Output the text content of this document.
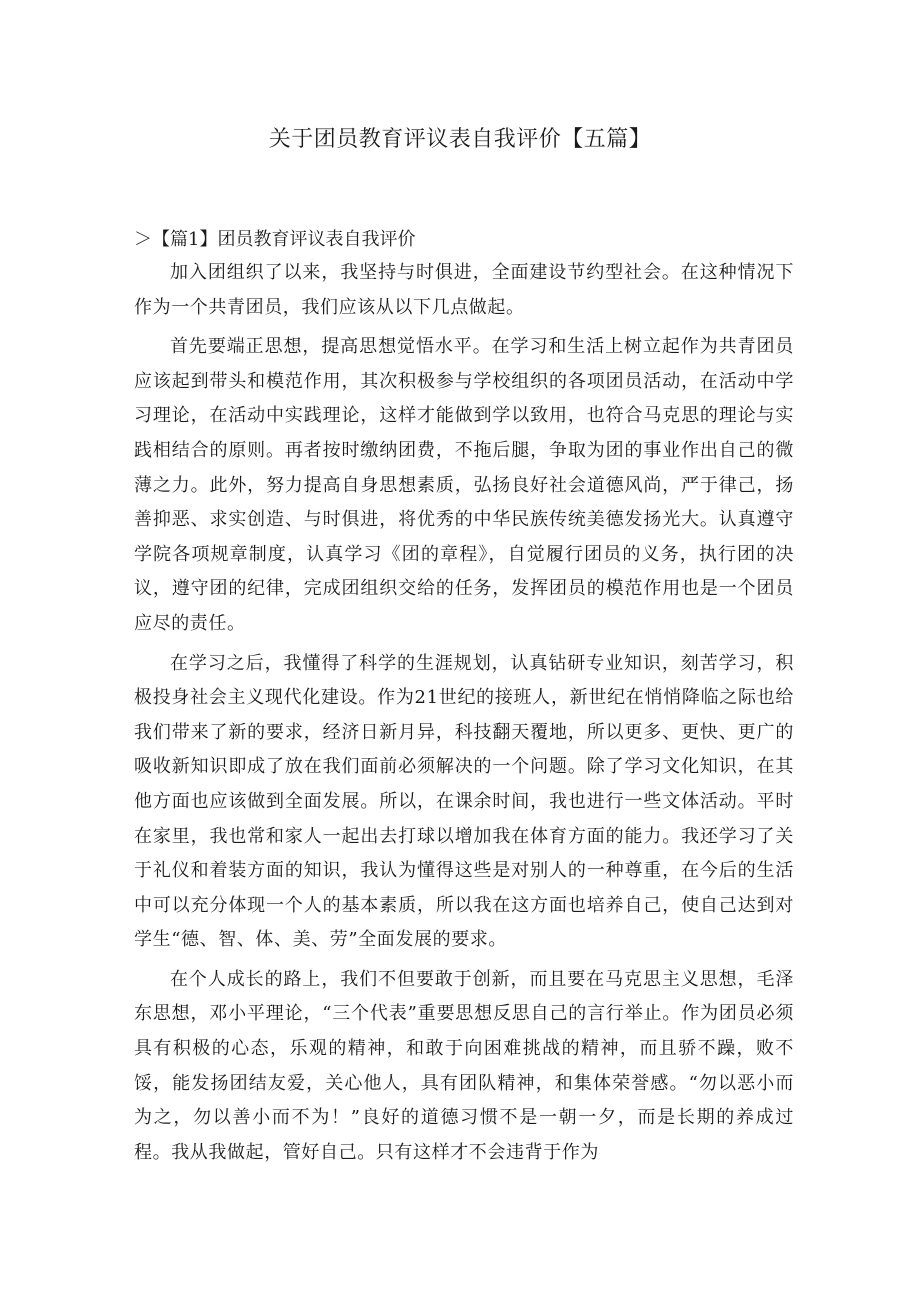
关于团员教育评议表自我评价【五篇】
＞【篇1】团员教育评议表自我评价

加入团组织了以来，我坚持与时俱进，全面建设节约型社会。在这种情况下作为一个共青团员，我们应该从以下几点做起。

首先要端正思想，提高思想觉悟水平。在学习和生活上树立起作为共青团员应该起到带头和模范作用，其次积极参与学校组织的各项团员活动，在活动中学习理论，在活动中实践理论，这样才能做到学以致用，也符合马克思的理论与实践相结合的原则。再者按时缴纳团费，不拖后腿，争取为团的事业作出自己的微薄之力。此外，努力提高自身思想素质，弘扬良好社会道德风尚，严于律己，扬善抑恶、求实创造、与时俱进，将优秀的中华民族传统美德发扬光大。认真遵守学院各项规章制度，认真学习《团的章程》，自觉履行团员的义务，执行团的决议，遵守团的纪律，完成团组织交给的任务，发挥团员的模范作用也是一个团员应尽的责任。

在学习之后，我懂得了科学的生涯规划，认真钻研专业知识，刻苦学习，积极投身社会主义现代化建设。作为21世纪的接班人，新世纪在悄悄降临之际也给我们带来了新的要求，经济日新月异，科技翻天覆地，所以更多、更快、更广的吸收新知识即成了放在我们面前必须解决的一个问题。除了学习文化知识，在其他方面也应该做到全面发展。所以，在课余时间，我也进行一些文体活动。平时在家里，我也常和家人一起出去打球以增加我在体育方面的能力。我还学习了关于礼仪和着装方面的知识，我认为懂得这些是对别人的一种尊重，在今后的生活中可以充分体现一个人的基本素质，所以我在这方面也培养自己，使自己达到对学生“德、智、体、美、劳”全面发展的要求。

在个人成长的路上，我们不但要敢于创新，而且要在马克思主义思想，毛泽东思想，邓小平理论，“三个代表”重要思想反思自己的言行举止。作为团员必须具有积极的心态，乐观的精神，和敢于向困难挑战的精神，而且骄不躁，败不馁，能发扬团结友爱，关心他人，具有团队精神，和集体荣誉感。“勿以恶小而为之，勿以善小而不为！”良好的道德习惯不是一朝一夕，而是长期的养成过程。我从我做起，管好自己。只有这样才不会违背于作为
